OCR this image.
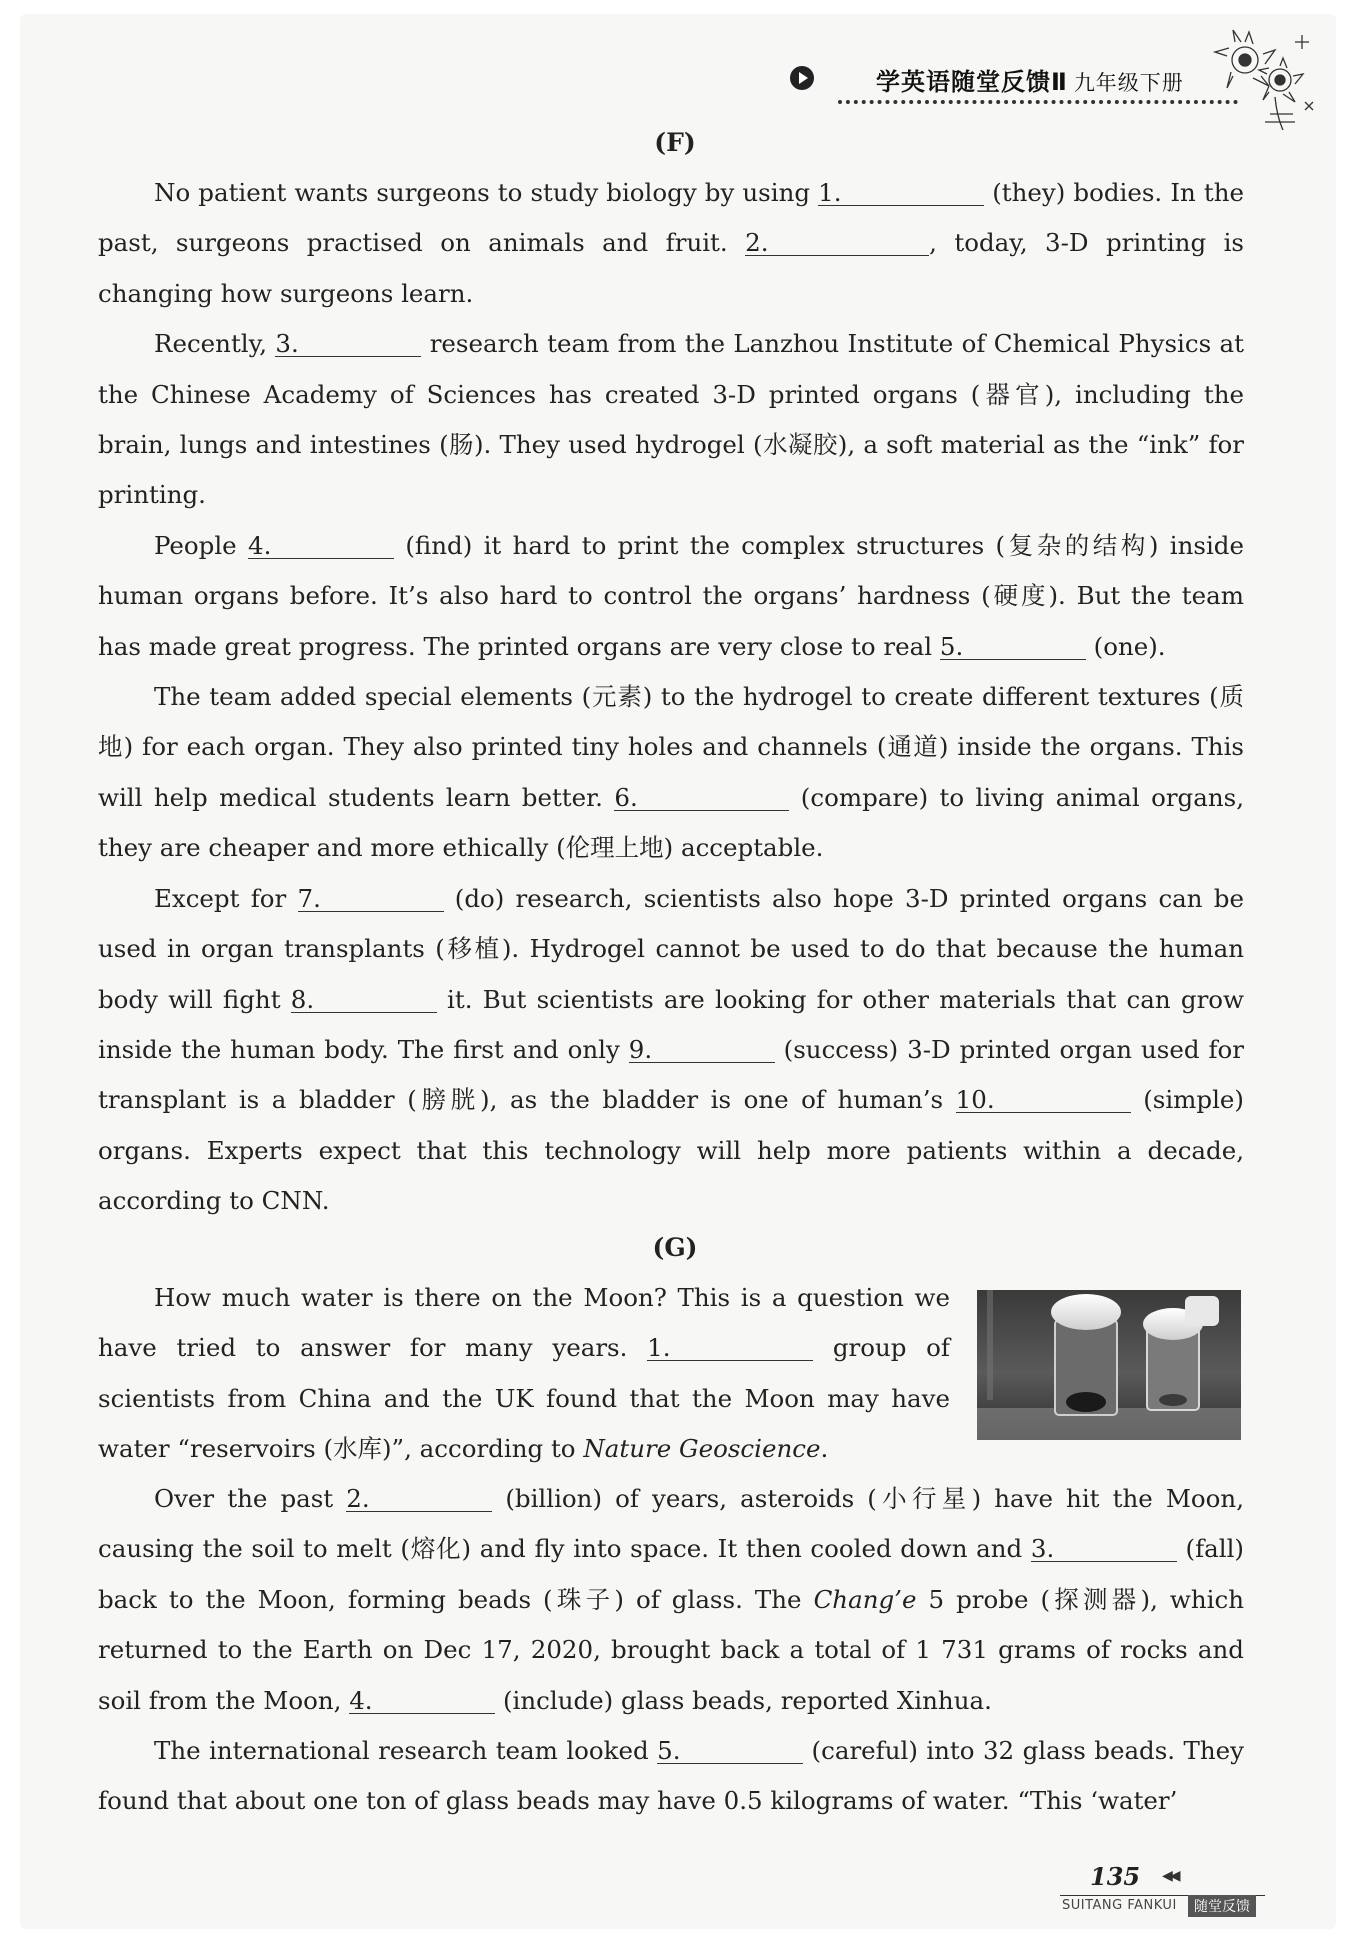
学英语随堂反馈Ⅱ 九年级下册
(F)

No patient wants surgeons to study biology by using 1.	(they) bodies. In the past, surgeons practised on animals and fruit. 2.	, today, 3-D printing is changing how surgeons learn.

Recently, 3.	research team from the Lanzhou Institute of Chemical Physics at the Chinese Academy of Sciences has created 3-D printed organs (器官), including the brain, lungs and intestines (肠). They used hydrogel (水凝胶), a soft material as the “ink” for printing.

People 4.	(find) it hard to print the complex structures (复杂的结构) inside human organs before. It’s also hard to control the organs’ hardness (硬度). But the team has made great progress. The printed organs are very close to real 5.	(one).

The team added special elements (元素) to the hydrogel to create different textures (质地) for each organ. They also printed tiny holes and channels (通道) inside the organs. This will help medical students learn better. 6.	(compare) to living animal organs, they are cheaper and more ethically (伦理上地) acceptable.

Except for 7.	(do) research, scientists also hope 3-D printed organs can be used in organ transplants (移植). Hydrogel cannot be used to do that because the human body will fight 8.	it. But scientists are looking for other materials that can grow inside the human body. The first and only 9.	(success) 3-D printed organ used for transplant is a bladder (膀胱), as the bladder is one of human’s 10.	(simple) organs. Experts expect that this technology will help more patients within a decade, according to CNN.

(G)

How much water is there on the Moon? This is a question we have tried to answer for many years. 1.	group of scientists from China and the UK found that the Moon may have water “reservoirs (水库)”, according to Nature Geoscience.

Over the past 2.	(billion) of years, asteroids (小行星) have hit the Moon, causing the soil to melt (熔化) and fly into space. It then cooled down and 3.	(fall) back to the Moon, forming beads (珠子) of glass. The Chang’e 5 probe (探测器), which returned to the Earth on Dec 17, 2020, brought back a total of 1 731 grams of rocks and soil from the Moon, 4.	(include) glass beads, reported Xinhua.

The international research team looked 5.	(careful) into 32 glass beads. They found that about one ton of glass beads may have 0.5 kilograms of water. “This ‘water’

135 ◀◀
SUITANG FANKUI	随堂反馈
